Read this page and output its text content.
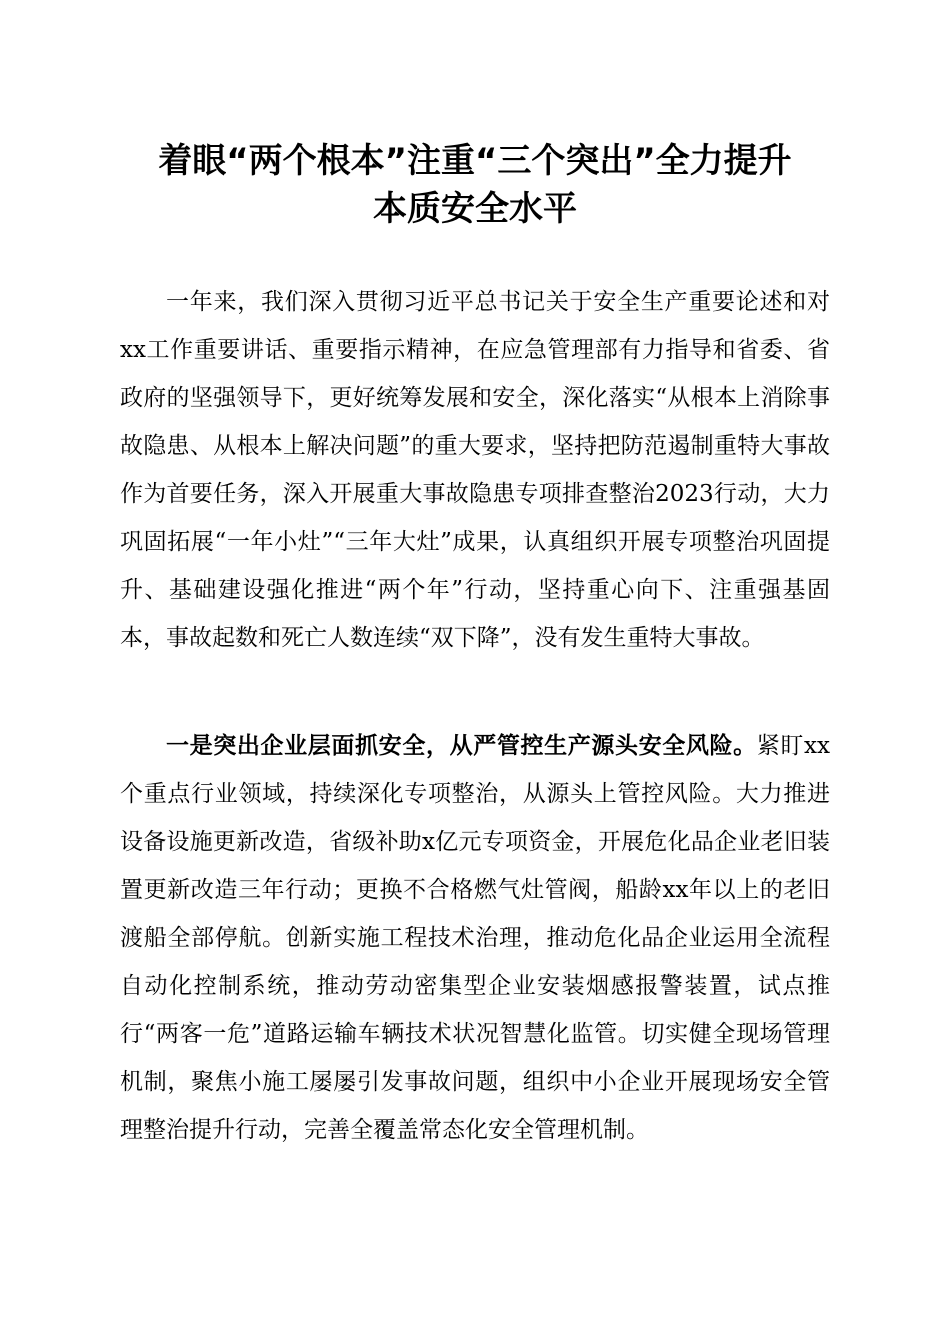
着眼“两个根本”注重“三个突出”全力提升
本质安全水平

一年来，我们深入贯彻习近平总书记关于安全生产重要论述和对xx工作重要讲话、重要指示精神，在应急管理部有力指导和省委、省政府的坚强领导下，更好统筹发展和安全，深化落实“从根本上消除事故隐患、从根本上解决问题”的重大要求，坚持把防范遏制重特大事故作为首要任务，深入开展重大事故隐患专项排查整治2023行动，大力巩固拓展“一年小灶”“三年大灶”成果，认真组织开展专项整治巩固提升、基础建设强化推进“两个年”行动，坚持重心向下、注重强基固本，事故起数和死亡人数连续“双下降”，没有发生重特大事故。

一是突出企业层面抓安全，从严管控生产源头安全风险。紧盯xx个重点行业领域，持续深化专项整治，从源头上管控风险。大力推进设备设施更新改造，省级补助x亿元专项资金，开展危化品企业老旧装置更新改造三年行动；更换不合格燃气灶管阀，船龄xx年以上的老旧渡船全部停航。创新实施工程技术治理，推动危化品企业运用全流程自动化控制系统，推动劳动密集型企业安装烟感报警装置，试点推行“两客一危”道路运输车辆技术状况智慧化监管。切实健全现场管理机制，聚焦小施工屡屡引发事故问题，组织中小企业开展现场安全管理整治提升行动，完善全覆盖常态化安全管理机制。
